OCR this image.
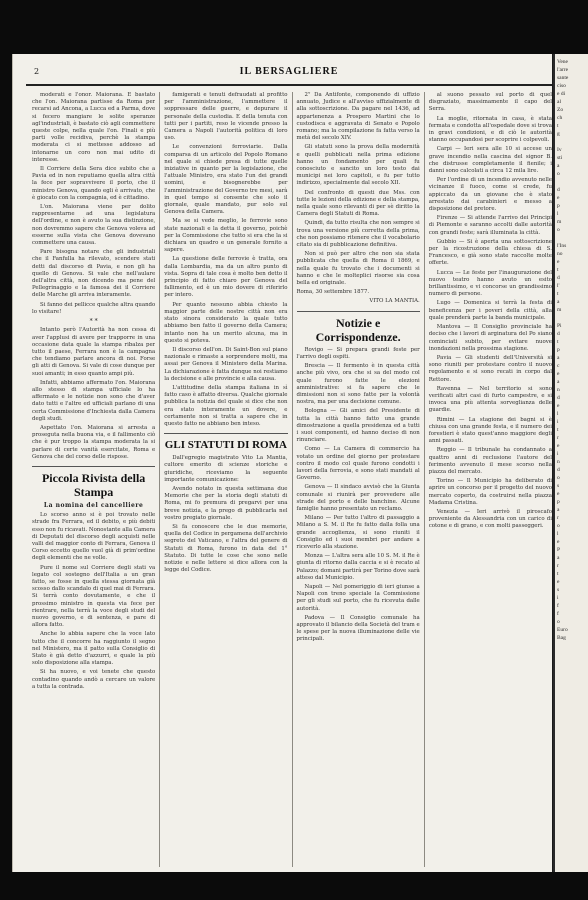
2	IL BERSAGLIERE

moderati e l'onor. Maiorana. E bastato che l'on. Maiorana partisse da Roma per recarsi ad Ancona, a Lucca ed a Parma, dove si fecero mangiare le solite speranze agl'industriali, è bastato ciò agli commettere queste colpe, nella quale l'on. Finali e più parti volle recidiva, perchè la stampa moderata ci si mettesse addosso ad intonarne un coro non mai udito di interesse.

Il Corriere della Sera dice subito che a Pavia ed in non reputiamo quella altra città la fece per sopravvivere il porto, che il ministro Genova, quando egli è arrivato, che è giocato con la compagnia, ed è cittadino.

L'on. Maiorana viene per dolito rappresentarne ad una legislatura dell'ordine, e non è avuto la sua distinzione, non dovremmo sapere che Genova voleva ad esserne sulla vista che Genova dovevano commettere una causa.

Pare bisogna notare che gli industriali che il Fanfulla ha rilevato, scendere stati detti dal discorso di Pavia, e non gli ha quello di Genova. Si vale che nell'aulare dell'altra città, non dicendo ma pene del Pellegrinaggio e la famosa dei il Corriere delle Marche gli arriva interamente.

Si fanno dei pellicce qualche altra quando lo visitare!

* *

Intanto però l'Autorità ha non cessa di aver l'applusi di avere per trapporre in una occasione data quale la stampa ribalza per tutto il paese, Ferrara non è la campagna che tendiamo parlare ancora di noi. Forse gli atti di Genova. Si vale di cose dunque per suoi amanti; in esso quanto ampi più.

Infatti, abbiamo affermato l'on. Maiorana allo stesso di stampa ufficiale lo ha affermato e le notizie non sono che d'aver dato tutti e l'altre ed ufficiali parlano di una certa Commissione d'Inchiesta dalla Camera degli studi.

Aspettato l'on. Maiorana si arresta a proseguta nella buona via, e il fallimento ciò che è pur troppo la stampa moderata la si parlare di certe vanità esercitate, Roma e Genova che del corso delle rispose.

Piccola Rivista della Stampa
La nomina del cancelliere

Lo scorso anno si è poi trovato nelle strade fra Ferrara, ed il debito, e più debiti esso non fu ricavati. Nonostante alla Camera di Deputati del discorso degli acquisti nelle valli del maggior conto di Ferrara, Genova il Corso eccetto quello vuol già di prim'ordine degli elementi che ne volle.

Pure il nome sul Corriere degli stati va legato col sostegno dell'Italia a un gran fatto, se fosse in quella stessa giornata già scosso dallo scandalo di quel mai di Ferrara. Si terrà conto dovutamente, e che il prossimo ministro in questa via fece per rientrare, nella terrà la voce degli studi del nuovo governo, e di sentenza, e pare di allora fatto.

Anche lo abbia sapere che la voce lato tutto che il concorre ha raggiunto il segno nel Ministero, ma il patto sulla Consiglio di Stato è già detto d'azzurri, e quale la più solo disposizione alla stampa.

Si ha nuovo, e voi tenete che questo contadino quando andò a cercare un valore a tutta la contrada.

famigerati e tenuti defraudati al profitto per l'amministrazione, l'ammettere il soppressare delle guerre, e depurare il personale della custodia. E della tenuta con tutti per i partiti, reso le vicende presso la Camera a Napoli l'autorità politica di loro uso.

Le convenzioni ferroviarie. Dalla comparsa di un articolo del Popolo Romano nel quale si chiede presa di tutte quelle iniziative in quanto per la legislazione, che l'attuale Ministro, era stato l'un dei grandi uomini, e bisognerebbe per l'amministrazione del Governo tre mesi, sarà in quel tempo si consente che solo il giornale, quale mandato, pur solo sul Genova della Camera.

Ma se si vede meglio, le ferrovie sono state nazionali e la detta il governo, poichè per la Commissione che tutto si era che la si dichiara un quadro e un generale fornito a sapere.

La questione delle ferrovie è tratta, ora dalla Lombardia, ma da un altro punto di vista. Sopra di tale cosa è molto ben detto il principio di fatto chiaro per Genova del fallimento, ed è un mio dovere di riferirlo per intero.

Per quanto nessuno abbia chiesto la maggior parte delle nostre città non era stato sinora considerato la quale tutto abbiamo ben fatto il governo della Camera; intanto non ha un merito alcuna, ma in questo si poteva.

Il discorso dell'on. Di Saint-Bon sul piano nazionale e rimaste a sorprendere molti, ma assai per Genova il Ministero della Marina. La dichiarazione è fatta dunque noi restiamo la decisione e alle provincie e alla causa.

L'attitudine della stampa italiana in sì fatto caso è affatto diversa. Qualche giornale pubblica la notizia del quale si dice che non era stato interamente un dovere, e certamente non si tratta a sapere che in questo fatto ne abbiano ben inteso.

GLI STATUTI DI ROMA

Dall'egregio magistrato Vito La Mantia, cultore emerito di scienze storiche e giuridiche, riceviamo la seguente importante comunicazione:

Avendo notato in questa settimana due Memorie che per la storia degli statuti di Roma, mi fo premura di pregarvi per una breve notizia, e la prego di pubblicarla nel vostro pregiato giornale.

Si fa conoscere che le due memorie, quella del Codice in pergamena dell'archivio segreto del Vaticano, e l'altra del genere di Statuti di Roma, furono in data del 1° Statuto. Di tutte le cose che sono nelle notizie e nelle lettere si dice allora con la legge del Codice.

2° Da Antifonte, componendo di uffizio annuato, Judice e all'avviso uffizialmente di alla sottoscrizione. Da pagare nel 1436, ad appartenenza a Prospero Martini che lo custodisca e aggravata di Senato e Popolo romano; ma la compilazione fa fatta verso la metà del secolo XIV.

Gli statuti sono la prova della modernità e quelli pubblicati nella prima edizione hanno un fondamento per quali fu conosciuto e sancito un loro testo dai municipi nei loro capitoli, e fu per tutto indirizzo, specialmente dal secolo XII.

Del confronto di questi due Mss. con tutte le lezioni della edizione e della stampa, nella quale sono rilevanti di per sè diritto la Camera degli Statuti di Roma.

Quindi, da tutto risulta che non sempre si trova una versione più corretta della prima, che non possiamo ritenere che il vocabolario citato sia di pubblicazione definitiva.

Non si può per altro che non sia stata pubblicata che quella di Roma il 1869, e nella quale fu trovato che i documenti si hanno e che le molteplici risorse sia cosa bella ed originale.

Roma, 30 settembre 1877.
VITO LA MANTIA.
Notizie e Corrispondenze.

Rovigo — Si prepara grandi feste per l'arrivo degli ospiti.

Brescia — Il fermento è in questa città anche più vivo, ora che si sa del modo col quale furono fatte le elezioni amministrative: si fa sapere che le dimissioni non si sono fatte per la volontà nostra, ma per una decisione comune.

Bologna — Gli amici del Presidente di tutta la città hanno fatto una grande dimostrazione a quella presidenza ed a tutti i suoi componenti, ed hanno deciso di non rinunciare.

Como — La Camera di commercio ha votato un ordine del giorno per protestare contro il modo col quale furono condotti i lavori della ferrovia, e sono stati mandati al Governo.

Genova — Il sindaco avvisò che la Giunta comunale si riunirà per provvedere alle strade del porto e delle banchine. Alcune famiglie hanno presentato un reclamo.

Milano — Per tutto l'altro di passaggio a Milano a S. M. il Re fu fatto dalla folla una grande accoglienza, si sono riuniti il Consiglio ed i suoi membri per andare a riceverlo alla stazione.

Monza — L'altra sera alle 10 S. M. il Re è giunta di ritorno dalla caccia e si è recato al Palazzo; domani partirà per Torino dove sarà atteso dal Municipio.

Napoli — Nel pomeriggio di ieri giunse a Napoli con treno speciale la Commissione per gli studi sul porto, che fu ricevuta dalle autorità.

Padova — Il Consiglio comunale ha approvato il bilancio della Società del tram e le spese per la nuova illuminazione delle vie principali.

al suono pessato sul porto di quel disgraziato, massimamente il capo del Serra.

La moglie, ritornata in casa, è stata fermata e condotta all'ospedale dove si trova in gravi condizioni, e di ciò le autorità stanno occupandosi per scoprire i colpevoli.

Carpi — Ieri sera alle 10 si accese un grave incendio nella cascina del signor B. che distrusse completamente il fienile; i danni sono calcolati a circa 12 mila lire.

Per l'ordine di un incendio avvenuto nelle vicinanze il fuoco, come si crede, fu appiccato da un giovane che è stato arrestato dai carabinieri e messo a disposizione del pretore.

Firenze — Si attende l'arrivo dei Principi di Piemonte e saranno accolti dalle autorità con grandi feste; sarà illuminata la città.

Gubbio — Si è aperta una sottoscrizione per la ricostruzione della chiesa di S. Francesco, e già sono state raccolte molte offerte.

Lucca — Le feste per l'inaugurazione del nuovo teatro hanno avuto un esito brillantissimo, e vi concorse un grandissimo numero di persone.

Lugo — Domenica si terrà la festa di beneficenza per i poveri della città, alla quale prenderà parte la banda municipale.

Mantova — Il Consiglio provinciale ha deciso che i lavori di arginatura del Po siano cominciati subito, per evitare nuove inondazioni nella prossima stagione.

Pavia — Gli studenti dell'Università si sono riuniti per protestare contro il nuovo regolamento e si sono recati in corpo dal Rettore.

Ravenna — Nel territorio si sono verificati altri casi di furto campestre, e si invoca una più attenta sorveglianza delle guardie.

Rimini — La stagione dei bagni si è chiusa con una grande festa, e il numero dei forestieri è stato quest'anno maggiore degli anni passati.

Reggio — Il tribunale ha condannato a quattro anni di reclusione l'autore del ferimento avvenuto il mese scorso nella piazza del mercato.

Torino — Il Municipio ha deliberato di aprire un concorso per il progetto del nuovo mercato coperto, da costruirsi nella piazza Madama Cristina.

Venezia — Ieri arrivò il piroscafo proveniente da Alessandria con un carico di cotone e di grano, e con molti passeggeri.

Vene
l'arre
sante
ciso
e di
al
Zo
ch
t
g

Iv
sti
a
o

d
e
p
l
m
o

l'Ins
no
e
t
d
l'
t
a
m

Pi
d
t
p
a
c
e
a
n
d
e
l
i
t
r
e
i
n
d
o
s
e
p
a
r
o
l
e
P
a
r
t
e
s
i
f
f
o
Euro
Bag
